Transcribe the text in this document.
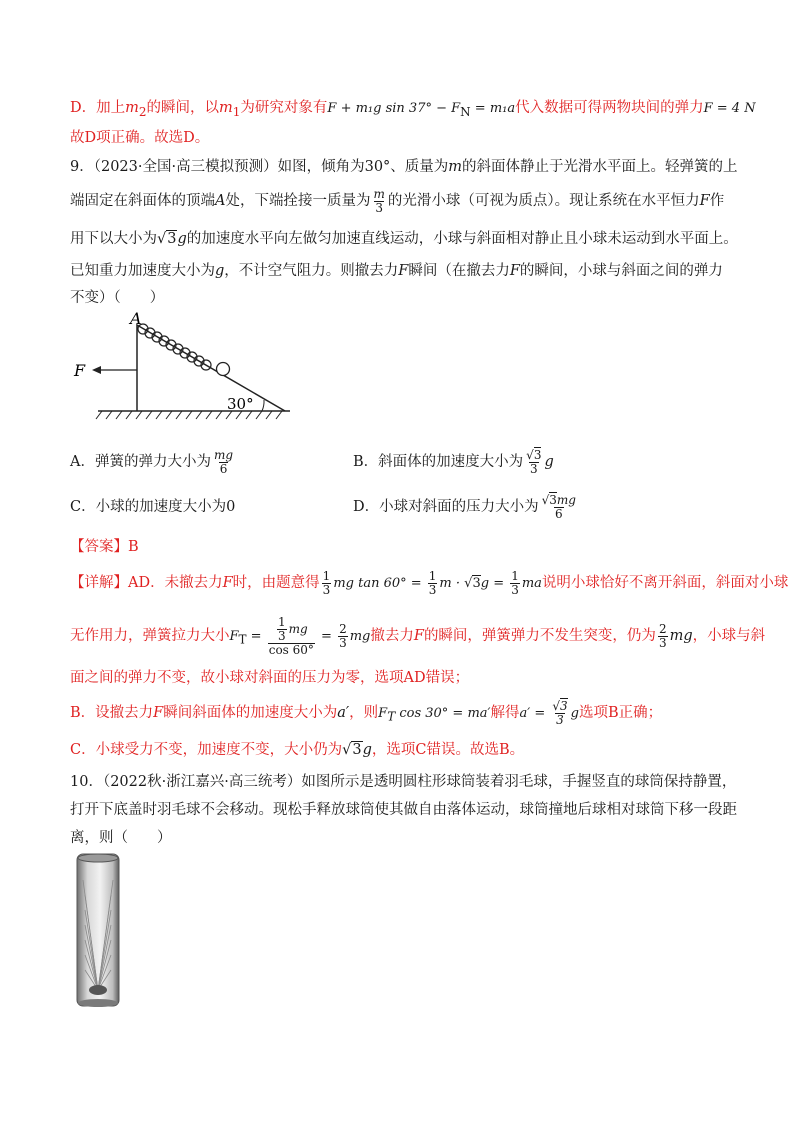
D．加上$m_2$的瞬间，以$m_1$为研究对象有F + m₁g $\sin 37^\circ - F_N = m_1a$代入数据可得两物块间的弹力F = 4 N
故D项正确。故选D。
9．（2023·全国·高三模拟预测）如图，倾角为30°、质量为m的斜面体静止于光滑水平面上。轻弹簧的上
端固定在斜面体的顶端A处，下端拴接一质量为 $\frac{m}{3}$ 的光滑小球（可视为质点）。现让系统在水平恒力F作
用下以大小为√3g的加速度水平向左做匀加速直线运动，小球与斜面相对静止且小球未运动到水平面上。
已知重力加速度大小为g，不计空气阻力。则撤去力F瞬间（在撤去力F的瞬间，小球与斜面之间的弹力
不变）（　　）
A
F
30°
A．弹簧的弹力大小为 $\frac{mg}{6}$	B．斜面体的加速度大小为 $\frac{√3}{3}$ g
C．小球的加速度大小为0	D．小球对斜面的压力大小为 $\frac{√3mg}{6}$
【答案】B
【详解】AD．未撤去力F时，由题意得 $\frac{1}{3}$ mg $\tan 60^\circ = \frac{1}{3}$ $m \cdot √3g = \frac{1}{3}$ ma说明小球恰好不离开斜面，斜面对小球
无作用力，弹簧拉力大小$F_T = \frac{\frac{1}{3} mg}{\cos 60^\circ} = \frac{2}{3}$ mg撤去力F的瞬间，弹簧弹力不发生突变，仍为 $\frac{2}{3}$ mg，小球与斜
面之间的弹力不变，故小球对斜面的压力为零，选项AD错误；
B．设撤去力F瞬间斜面体的加速度大小为a′，则$F_T$ cos 30° = ma′解得$a' = \frac{√3}{3}$ g选项B正确；
C．小球受力不变，加速度不变，大小仍为√3g，选项C错误。故选B。
10．（2022秋·浙江嘉兴·高三统考）如图所示是透明圆柱形球筒装着羽毛球，手握竖直的球筒保持静置，
打开下底盖时羽毛球不会移动。现松手释放球筒使其做自由落体运动，球筒撞地后球相对球筒下移一段距
离，则（　　）
